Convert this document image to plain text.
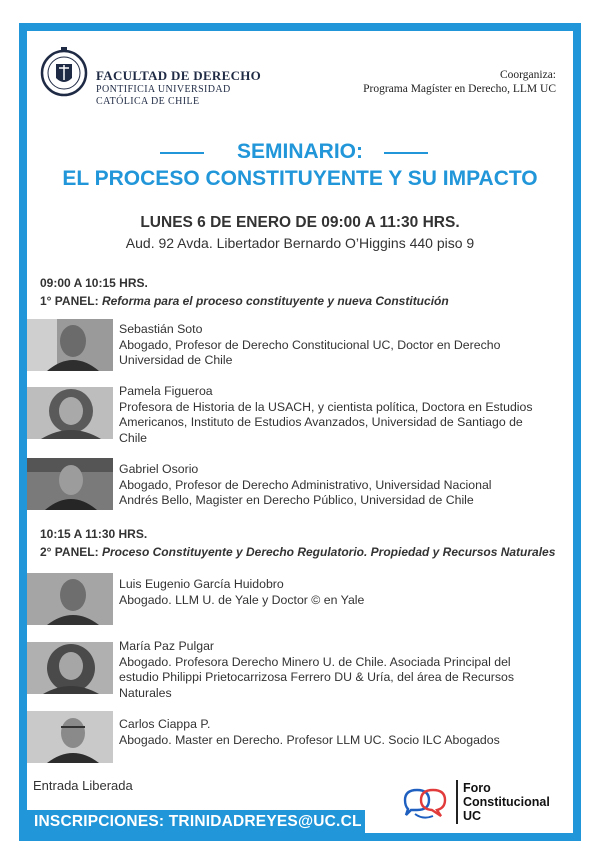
FACULTAD DE DERECHO
PONTIFICIA UNIVERSIDAD
CATÓLICA DE CHILE
Coorganiza:
Programa Magíster en Derecho, LLM UC
SEMINARIO:
EL PROCESO CONSTITUYENTE Y SU IMPACTO
LUNES 6 DE ENERO DE 09:00 A 11:30 HRS.
Aud. 92 Avda. Libertador Bernardo O’Higgins 440 piso 9
09:00 A 10:15 HRS.
1° PANEL: Reforma para el proceso constituyente y nueva Constitución
Sebastián Soto
Abogado, Profesor de Derecho Constitucional UC, Doctor en Derecho
Universidad de Chile
Pamela Figueroa
Profesora de Historia de la USACH, y cientista política, Doctora en Estudios
Americanos, Instituto de Estudios Avanzados, Universidad de Santiago de
Chile
Gabriel Osorio
Abogado, Profesor de Derecho Administrativo, Universidad Nacional
Andrés Bello, Magister en Derecho Público, Universidad de Chile
10:15 A 11:30 HRS.
2° PANEL: Proceso Constituyente y Derecho Regulatorio. Propiedad y Recursos Naturales
Luis Eugenio García Huidobro
Abogado. LLM U. de Yale y Doctor © en Yale
María Paz Pulgar
Abogado. Profesora Derecho Minero U. de Chile. Asociada Principal del
estudio Philippi Prietocarrizosa Ferrero DU & Uría, del área de Recursos
Naturales
Carlos Ciappa P.
Abogado. Master en Derecho. Profesor LLM UC. Socio ILC Abogados
Entrada Liberada
INSCRIPCIONES: TRINIDADREYES@UC.CL
Foro
Constitucional
UC
